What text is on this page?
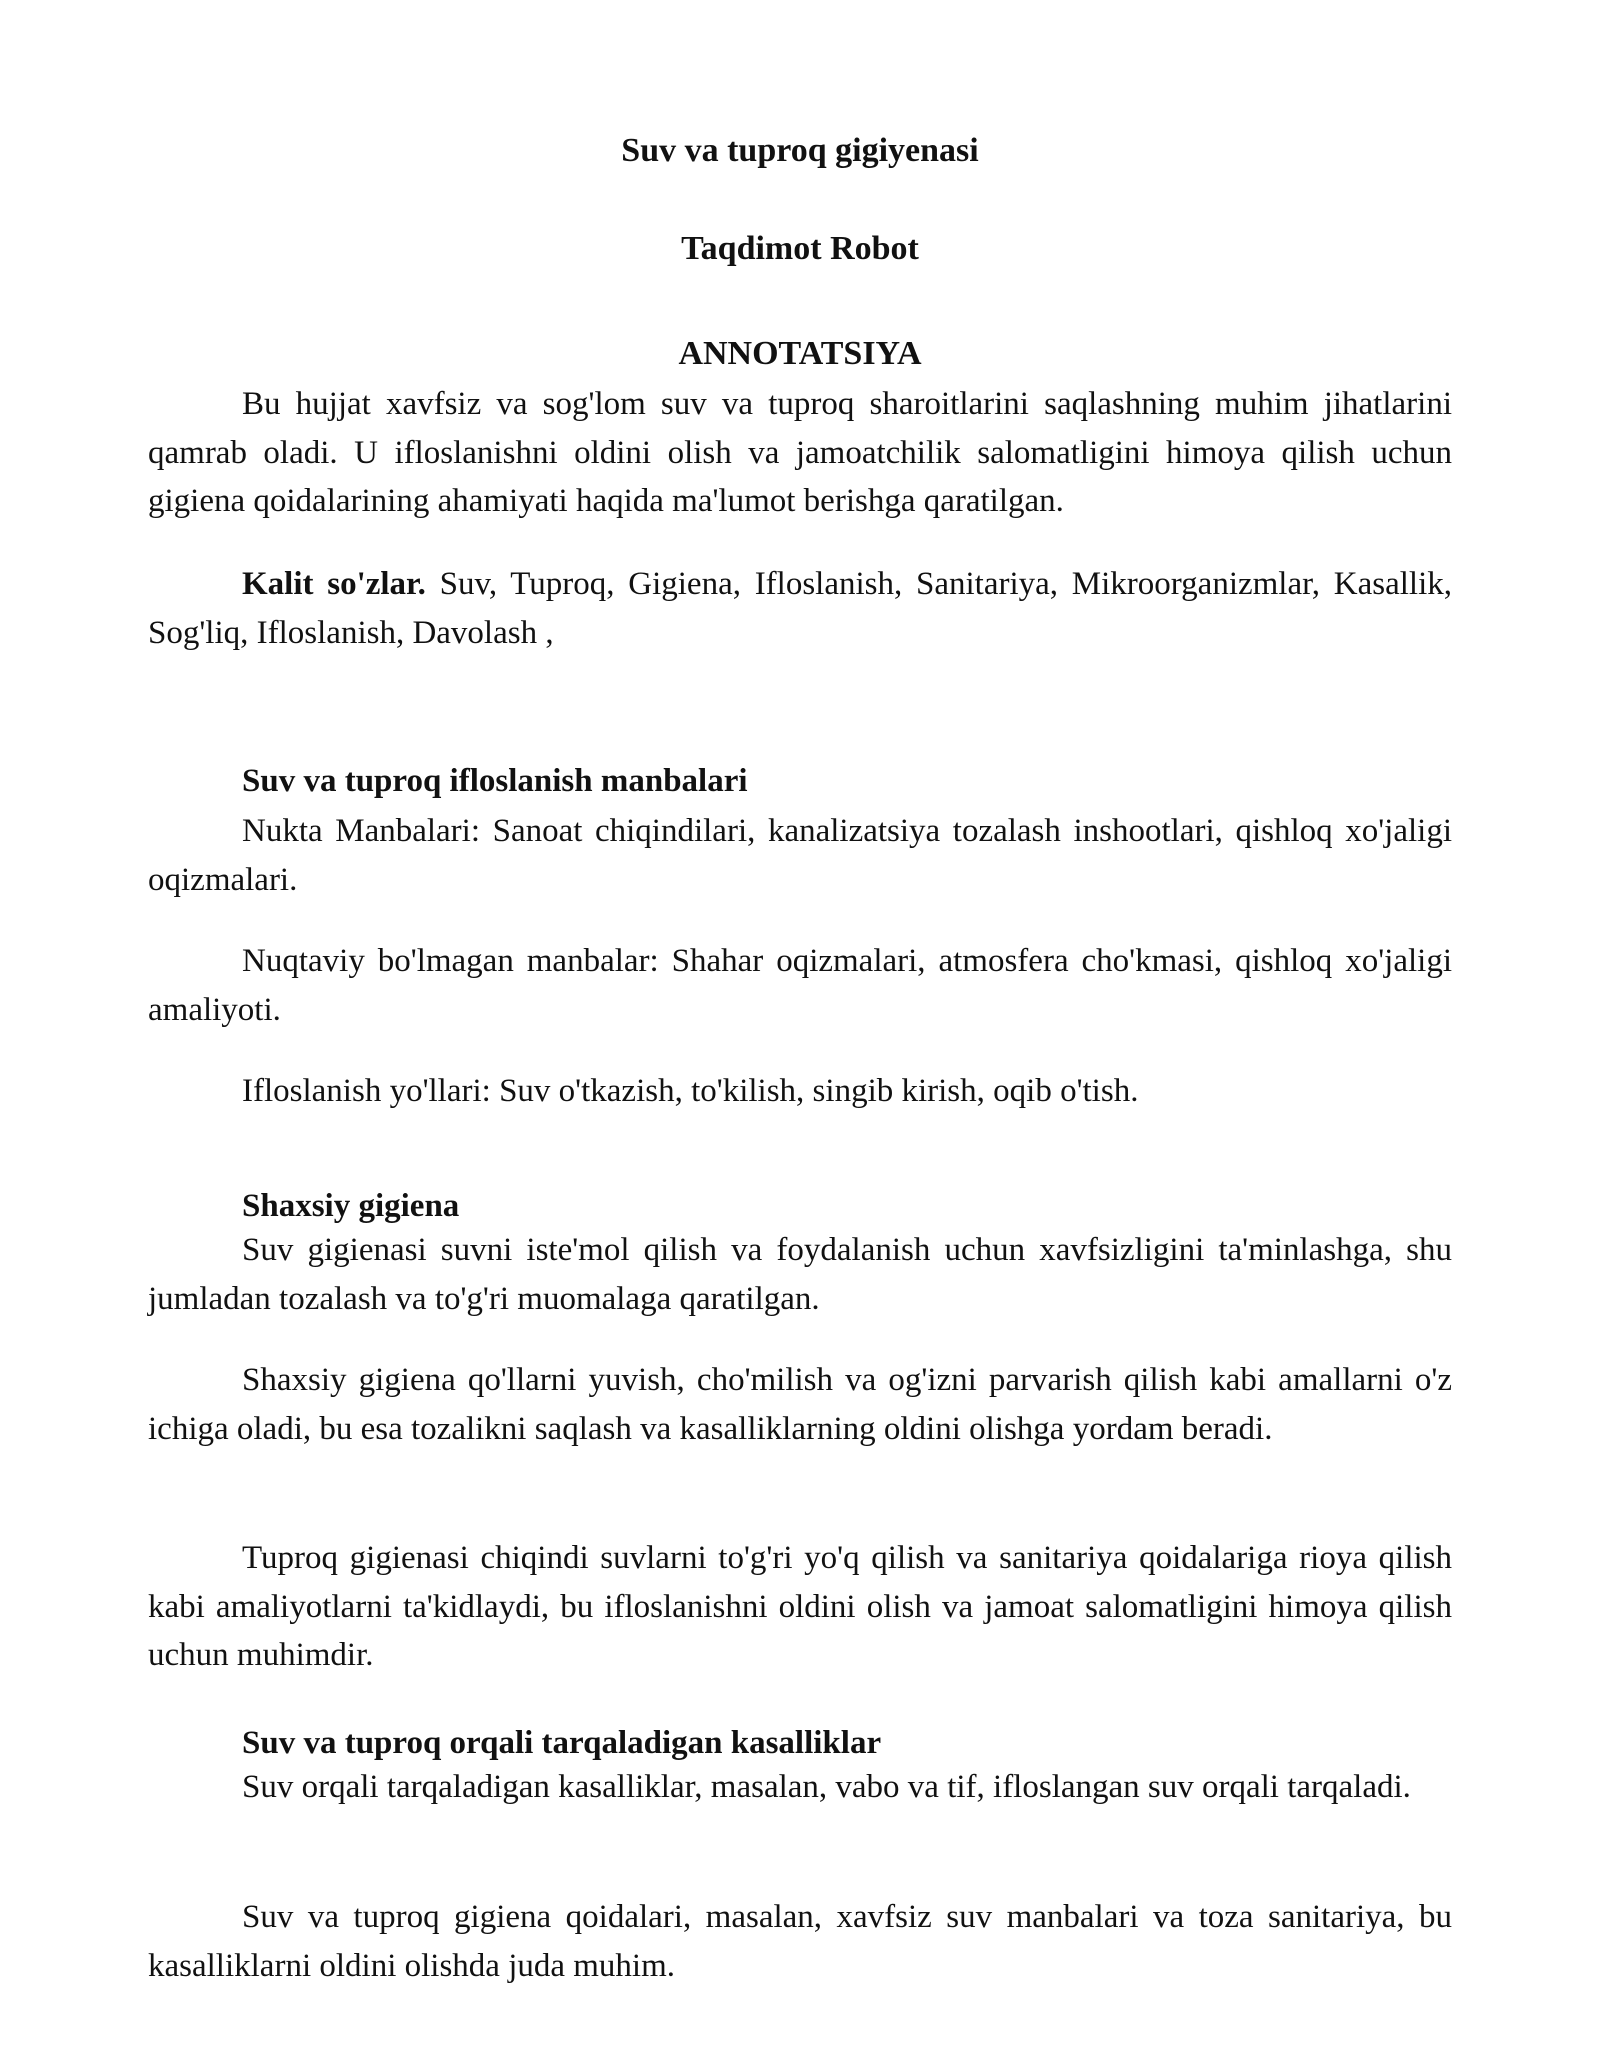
Suv va tuproq gigiyenasi
Taqdimot Robot
ANNOTATSIYA

Bu hujjat xavfsiz va sog'lom suv va tuproq sharoitlarini saqlashning muhim jihatlarini qamrab oladi. U ifloslanishni oldini olish va jamoatchilik salomatligini himoya qilish uchun gigiena qoidalarining ahamiyati haqida ma'lumot berishga qaratilgan.

Kalit so'zlar. Suv, Tuproq, Gigiena, Ifloslanish, Sanitariya, Mikroorganizmlar, Kasallik, Sog'liq, Ifloslanish, Davolash ,

Suv va tuproq ifloslanish manbalari

Nukta Manbalari: Sanoat chiqindilari, kanalizatsiya tozalash inshootlari, qishloq xo'jaligi oqizmalari.

Nuqtaviy bo'lmagan manbalar: Shahar oqizmalari, atmosfera cho'kmasi, qishloq xo'jaligi amaliyoti.

Ifloslanish yo'llari: Suv o'tkazish, to'kilish, singib kirish, oqib o'tish.

Shaxsiy gigiena

Suv gigienasi suvni iste'mol qilish va foydalanish uchun xavfsizligini ta'minlashga, shu jumladan tozalash va to'g'ri muomalaga qaratilgan.

Shaxsiy gigiena qo'llarni yuvish, cho'milish va og'izni parvarish qilish kabi amallarni o'z ichiga oladi, bu esa tozalikni saqlash va kasalliklarning oldini olishga yordam beradi.

Tuproq gigienasi chiqindi suvlarni to'g'ri yo'q qilish va sanitariya qoidalariga rioya qilish kabi amaliyotlarni ta'kidlaydi, bu ifloslanishni oldini olish va jamoat salomatligini himoya qilish uchun muhimdir.

Suv va tuproq orqali tarqaladigan kasalliklar

Suv orqali tarqaladigan kasalliklar, masalan, vabo va tif, ifloslangan suv orqali tarqaladi.

Suv va tuproq gigiena qoidalari, masalan, xavfsiz suv manbalari va toza sanitariya, bu kasalliklarni oldini olishda juda muhim.
